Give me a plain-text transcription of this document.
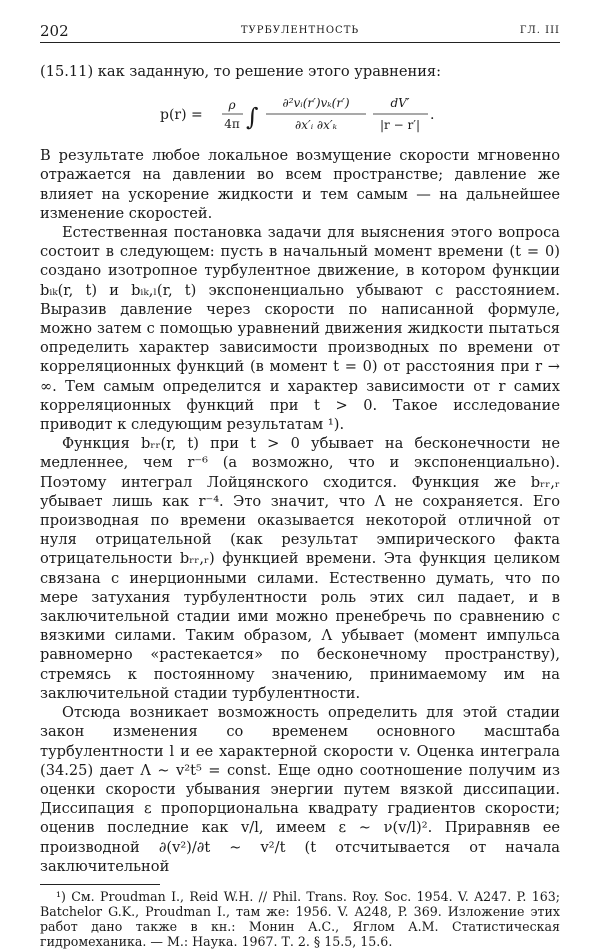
202	ТУРБУЛЕНТНОСТЬ	ГЛ. III

(15.11) как заданную, то решение этого уравнения:

p(r) =
ρ
4π ∫ ∂²vᵢ(r′)vₖ(r′)
∂x′ᵢ ∂x′ₖ
dV′
|r − r′|
.

В результате любое локальное возмущение скорости мгновенно отражается на давлении во всем пространстве; давление же влияет на ускорение жидкости и тем самым — на дальнейшее изменение скоростей.

Естественная постановка задачи для выяснения этого вопроса состоит в следующем: пусть в начальный момент времени (t = 0) создано изотропное турбулентное движение, в котором функции bᵢₖ(r, t) и bᵢₖ,ₗ(r, t) экспоненциально убывают с расстоянием. Выразив давление через скорости по написанной формуле, можно затем с помощью уравнений движения жидкости пытаться определить характер зависимости производных по времени от корреляционных функций (в момент t = 0) от расстояния при r → ∞. Тем самым определится и характер зависимости от r самих корреляционных функций при t > 0. Такое исследование приводит к следующим результатам ¹).

Функция bᵣᵣ(r, t) при t > 0 убывает на бесконечности не медленнее, чем r⁻⁶ (а возможно, что и экспоненциально). Поэтому интеграл Лойцянского сходится. Функция же bᵣᵣ,ᵣ убывает лишь как r⁻⁴. Это значит, что Λ не сохраняется. Его производная по времени оказывается некоторой отличной от нуля отрицательной (как результат эмпирического факта отрицательности bᵣᵣ,ᵣ) функцией времени. Эта функция целиком связана с инерционными силами. Естественно думать, что по мере затухания турбулентности роль этих сил падает, и в заключительной стадии ими можно пренебречь по сравнению с вязкими силами. Таким образом, Λ убывает (момент импульса равномерно «растекается» по бесконечному пространству), стремясь к постоянному значению, принимаемому им на заключительной стадии турбулентности.

Отсюда возникает возможность определить для этой стадии закон изменения со временем основного масштаба турбулентности l и ее характерной скорости v. Оценка интеграла (34.25) дает Λ ∼ v²t⁵ = const. Еще одно соотношение получим из оценки скорости убывания энергии путем вязкой диссипации. Диссипация ε пропорциональна квадрату градиентов скорости; оценив последние как v/l, имеем ε ∼ ν(v/l)². Приравняв ее производной ∂(v²)/∂t ∼ v²/t (t отсчитывается от начала заключительной

¹) См. Proudman I., Reid W.H. // Phil. Trans. Roy. Soc. 1954. V. A247. P. 163; Batchelor G.K., Proudman I., там же: 1956. V. A248, P. 369. Изложение этих работ дано также в кн.: Монин А.С., Яглом А.М. Статистическая гидромеханика. — М.: Наука. 1967. Т. 2. § 15.5, 15.6.
